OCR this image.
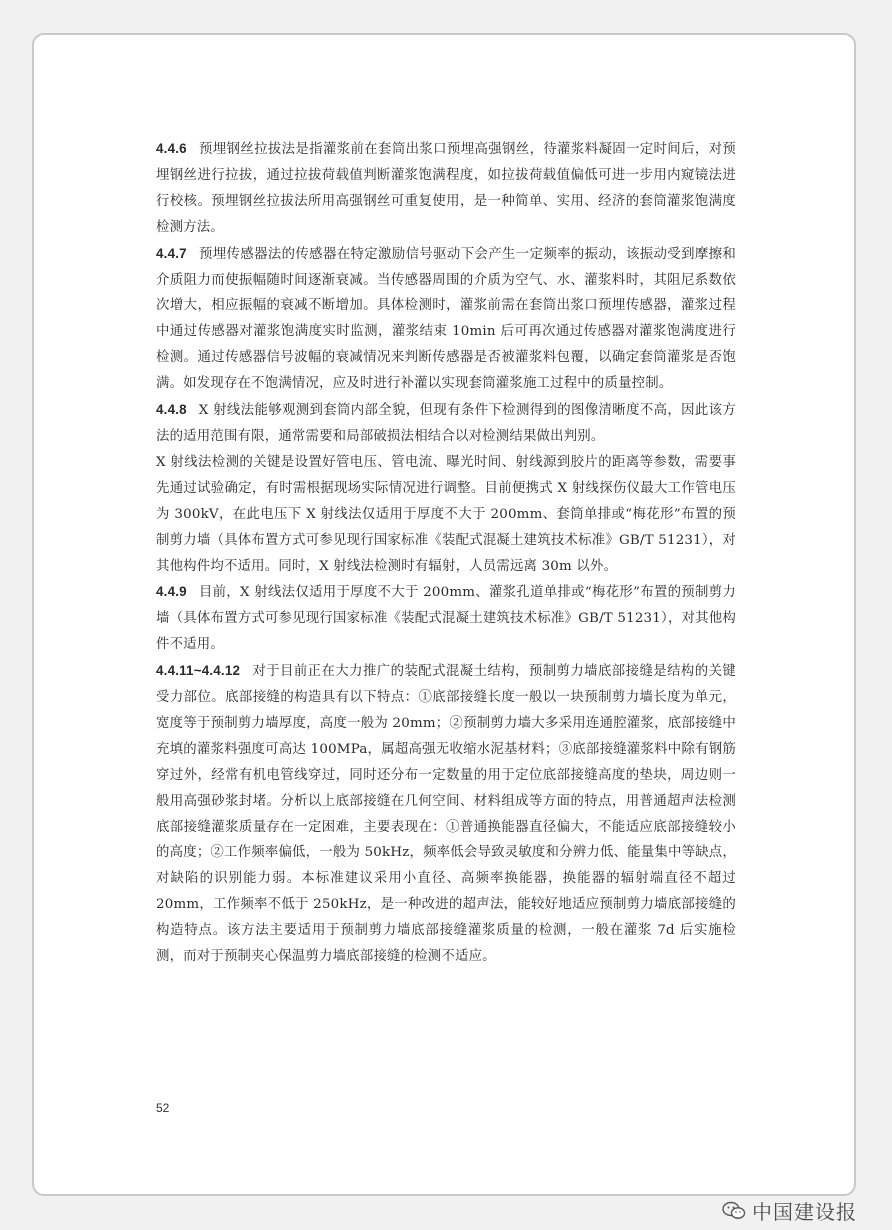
4.4.6 预埋钢丝拉拔法是指灌浆前在套筒出浆口预埋高强钢丝，待灌浆料凝固一定时间后，对预埋钢丝进行拉拔，通过拉拔荷载值判断灌浆饱满程度，如拉拔荷载值偏低可进一步用内窥镜法进行校核。预埋钢丝拉拔法所用高强钢丝可重复使用，是一种简单、实用、经济的套筒灌浆饱满度检测方法。

4.4.7 预埋传感器法的传感器在特定激励信号驱动下会产生一定频率的振动，该振动受到摩擦和介质阻力而使振幅随时间逐渐衰减。当传感器周围的介质为空气、水、灌浆料时，其阻尼系数依次增大，相应振幅的衰减不断增加。具体检测时，灌浆前需在套筒出浆口预埋传感器，灌浆过程中通过传感器对灌浆饱满度实时监测，灌浆结束 10min 后可再次通过传感器对灌浆饱满度进行检测。通过传感器信号波幅的衰减情况来判断传感器是否被灌浆料包覆，以确定套筒灌浆是否饱满。如发现存在不饱满情况，应及时进行补灌以实现套筒灌浆施工过程中的质量控制。

4.4.8 X 射线法能够观测到套筒内部全貌，但现有条件下检测得到的图像清晰度不高，因此该方法的适用范围有限，通常需要和局部破损法相结合以对检测结果做出判别。

X 射线法检测的关键是设置好管电压、管电流、曝光时间、射线源到胶片的距离等参数，需要事先通过试验确定，有时需根据现场实际情况进行调整。目前便携式 X 射线探伤仪最大工作管电压为 300kV，在此电压下 X 射线法仅适用于厚度不大于 200mm、套筒单排或“梅花形”布置的预制剪力墙（具体布置方式可参见现行国家标准《装配式混凝土建筑技术标准》GB/T 51231），对其他构件均不适用。同时，X 射线法检测时有辐射，人员需远离 30m 以外。

4.4.9 目前，X 射线法仅适用于厚度不大于 200mm、灌浆孔道单排或“梅花形”布置的预制剪力墙（具体布置方式可参见现行国家标准《装配式混凝土建筑技术标准》GB/T 51231），对其他构件不适用。

4.4.11~4.4.12 对于目前正在大力推广的装配式混凝土结构，预制剪力墙底部接缝是结构的关键受力部位。底部接缝的构造具有以下特点：①底部接缝长度一般以一块预制剪力墙长度为单元，宽度等于预制剪力墙厚度，高度一般为 20mm；②预制剪力墙大多采用连通腔灌浆，底部接缝中充填的灌浆料强度可高达 100MPa，属超高强无收缩水泥基材料；③底部接缝灌浆料中除有钢筋穿过外，经常有机电管线穿过，同时还分布一定数量的用于定位底部接缝高度的垫块，周边则一般用高强砂浆封堵。分析以上底部接缝在几何空间、材料组成等方面的特点，用普通超声法检测底部接缝灌浆质量存在一定困难，主要表现在：①普通换能器直径偏大，不能适应底部接缝较小的高度；②工作频率偏低，一般为 50kHz，频率低会导致灵敏度和分辨力低、能量集中等缺点，对缺陷的识别能力弱。本标准建议采用小直径、高频率换能器，换能器的辐射端直径不超过 20mm，工作频率不低于 250kHz，是一种改进的超声法，能较好地适应预制剪力墙底部接缝的构造特点。该方法主要适用于预制剪力墙底部接缝灌浆质量的检测，一般在灌浆 7d 后实施检测，而对于预制夹心保温剪力墙底部接缝的检测不适应。

52
中国建设报
